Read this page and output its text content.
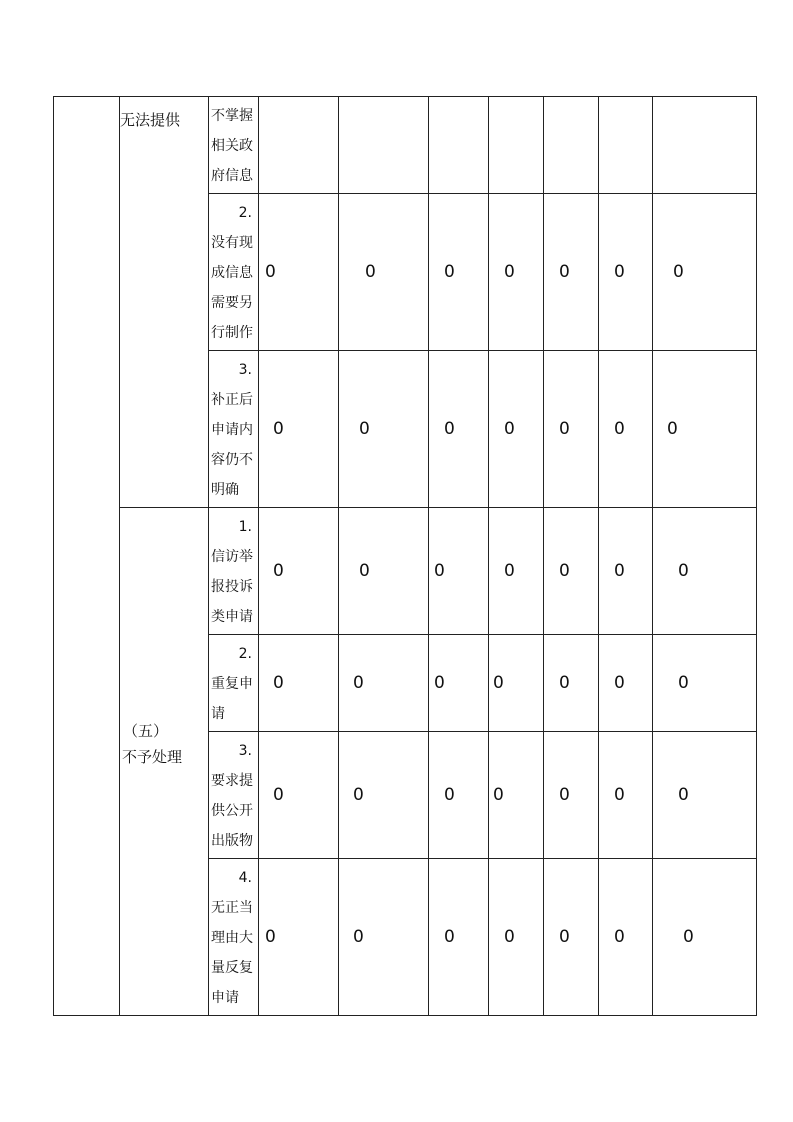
	无法提供	不掌握
相关政
府信息							

		2.
没有现
成信息
需要另
行制作	0	0	0	0	0	0	0

		3.
补正后
申请内
容仍不
明确	0	0	0	0	0	0	0

	（五）
不予处理	1.
信访举
报投诉
类申请	0	0	0	0	0	0	0

		2.
重复申
请	0	0	0	0	0	0	0

		3.
要求提
供公开
出版物	0	0	0	0	0	0	0

		4.
无正当
理由大
量反复
申请	0	0	0	0	0	0	0
